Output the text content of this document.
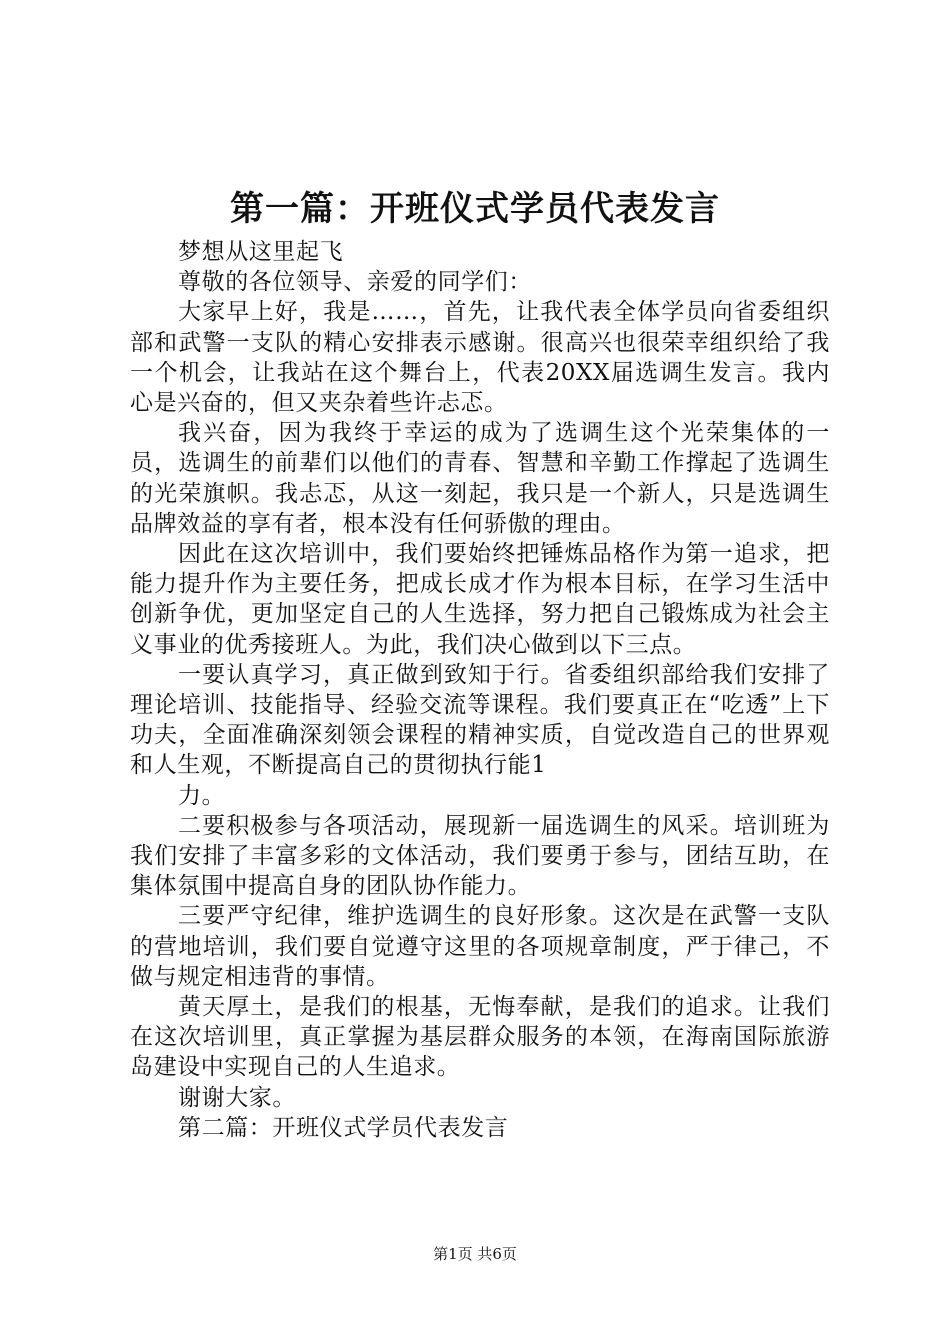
第一篇：开班仪式学员代表发言

梦想从这里起飞

尊敬的各位领导、亲爱的同学们：

大家早上好，我是……，首先，让我代表全体学员向省委组织部和武警一支队的精心安排表示感谢。很高兴也很荣幸组织给了我一个机会，让我站在这个舞台上，代表20XX届选调生发言。我内心是兴奋的，但又夹杂着些许忐忑。

我兴奋，因为我终于幸运的成为了选调生这个光荣集体的一员，选调生的前辈们以他们的青春、智慧和辛勤工作撑起了选调生的光荣旗帜。我忐忑，从这一刻起，我只是一个新人，只是选调生品牌效益的享有者，根本没有任何骄傲的理由。

因此在这次培训中，我们要始终把锤炼品格作为第一追求，把能力提升作为主要任务，把成长成才作为根本目标，在学习生活中创新争优，更加坚定自己的人生选择，努力把自己锻炼成为社会主义事业的优秀接班人。为此，我们决心做到以下三点。

一要认真学习，真正做到致知于行。省委组织部给我们安排了理论培训、技能指导、经验交流等课程。我们要真正在“吃透”上下功夫，全面准确深刻领会课程的精神实质，自觉改造自己的世界观和人生观，不断提高自己的贯彻执行能1

力。

二要积极参与各项活动，展现新一届选调生的风采。培训班为我们安排了丰富多彩的文体活动，我们要勇于参与，团结互助，在集体氛围中提高自身的团队协作能力。

三要严守纪律，维护选调生的良好形象。这次是在武警一支队的营地培训，我们要自觉遵守这里的各项规章制度，严于律己，不做与规定相违背的事情。

黄天厚土，是我们的根基，无悔奉献，是我们的追求。让我们在这次培训里，真正掌握为基层群众服务的本领，在海南国际旅游岛建设中实现自己的人生追求。

谢谢大家。

第二篇：开班仪式学员代表发言

第1页 共6页
